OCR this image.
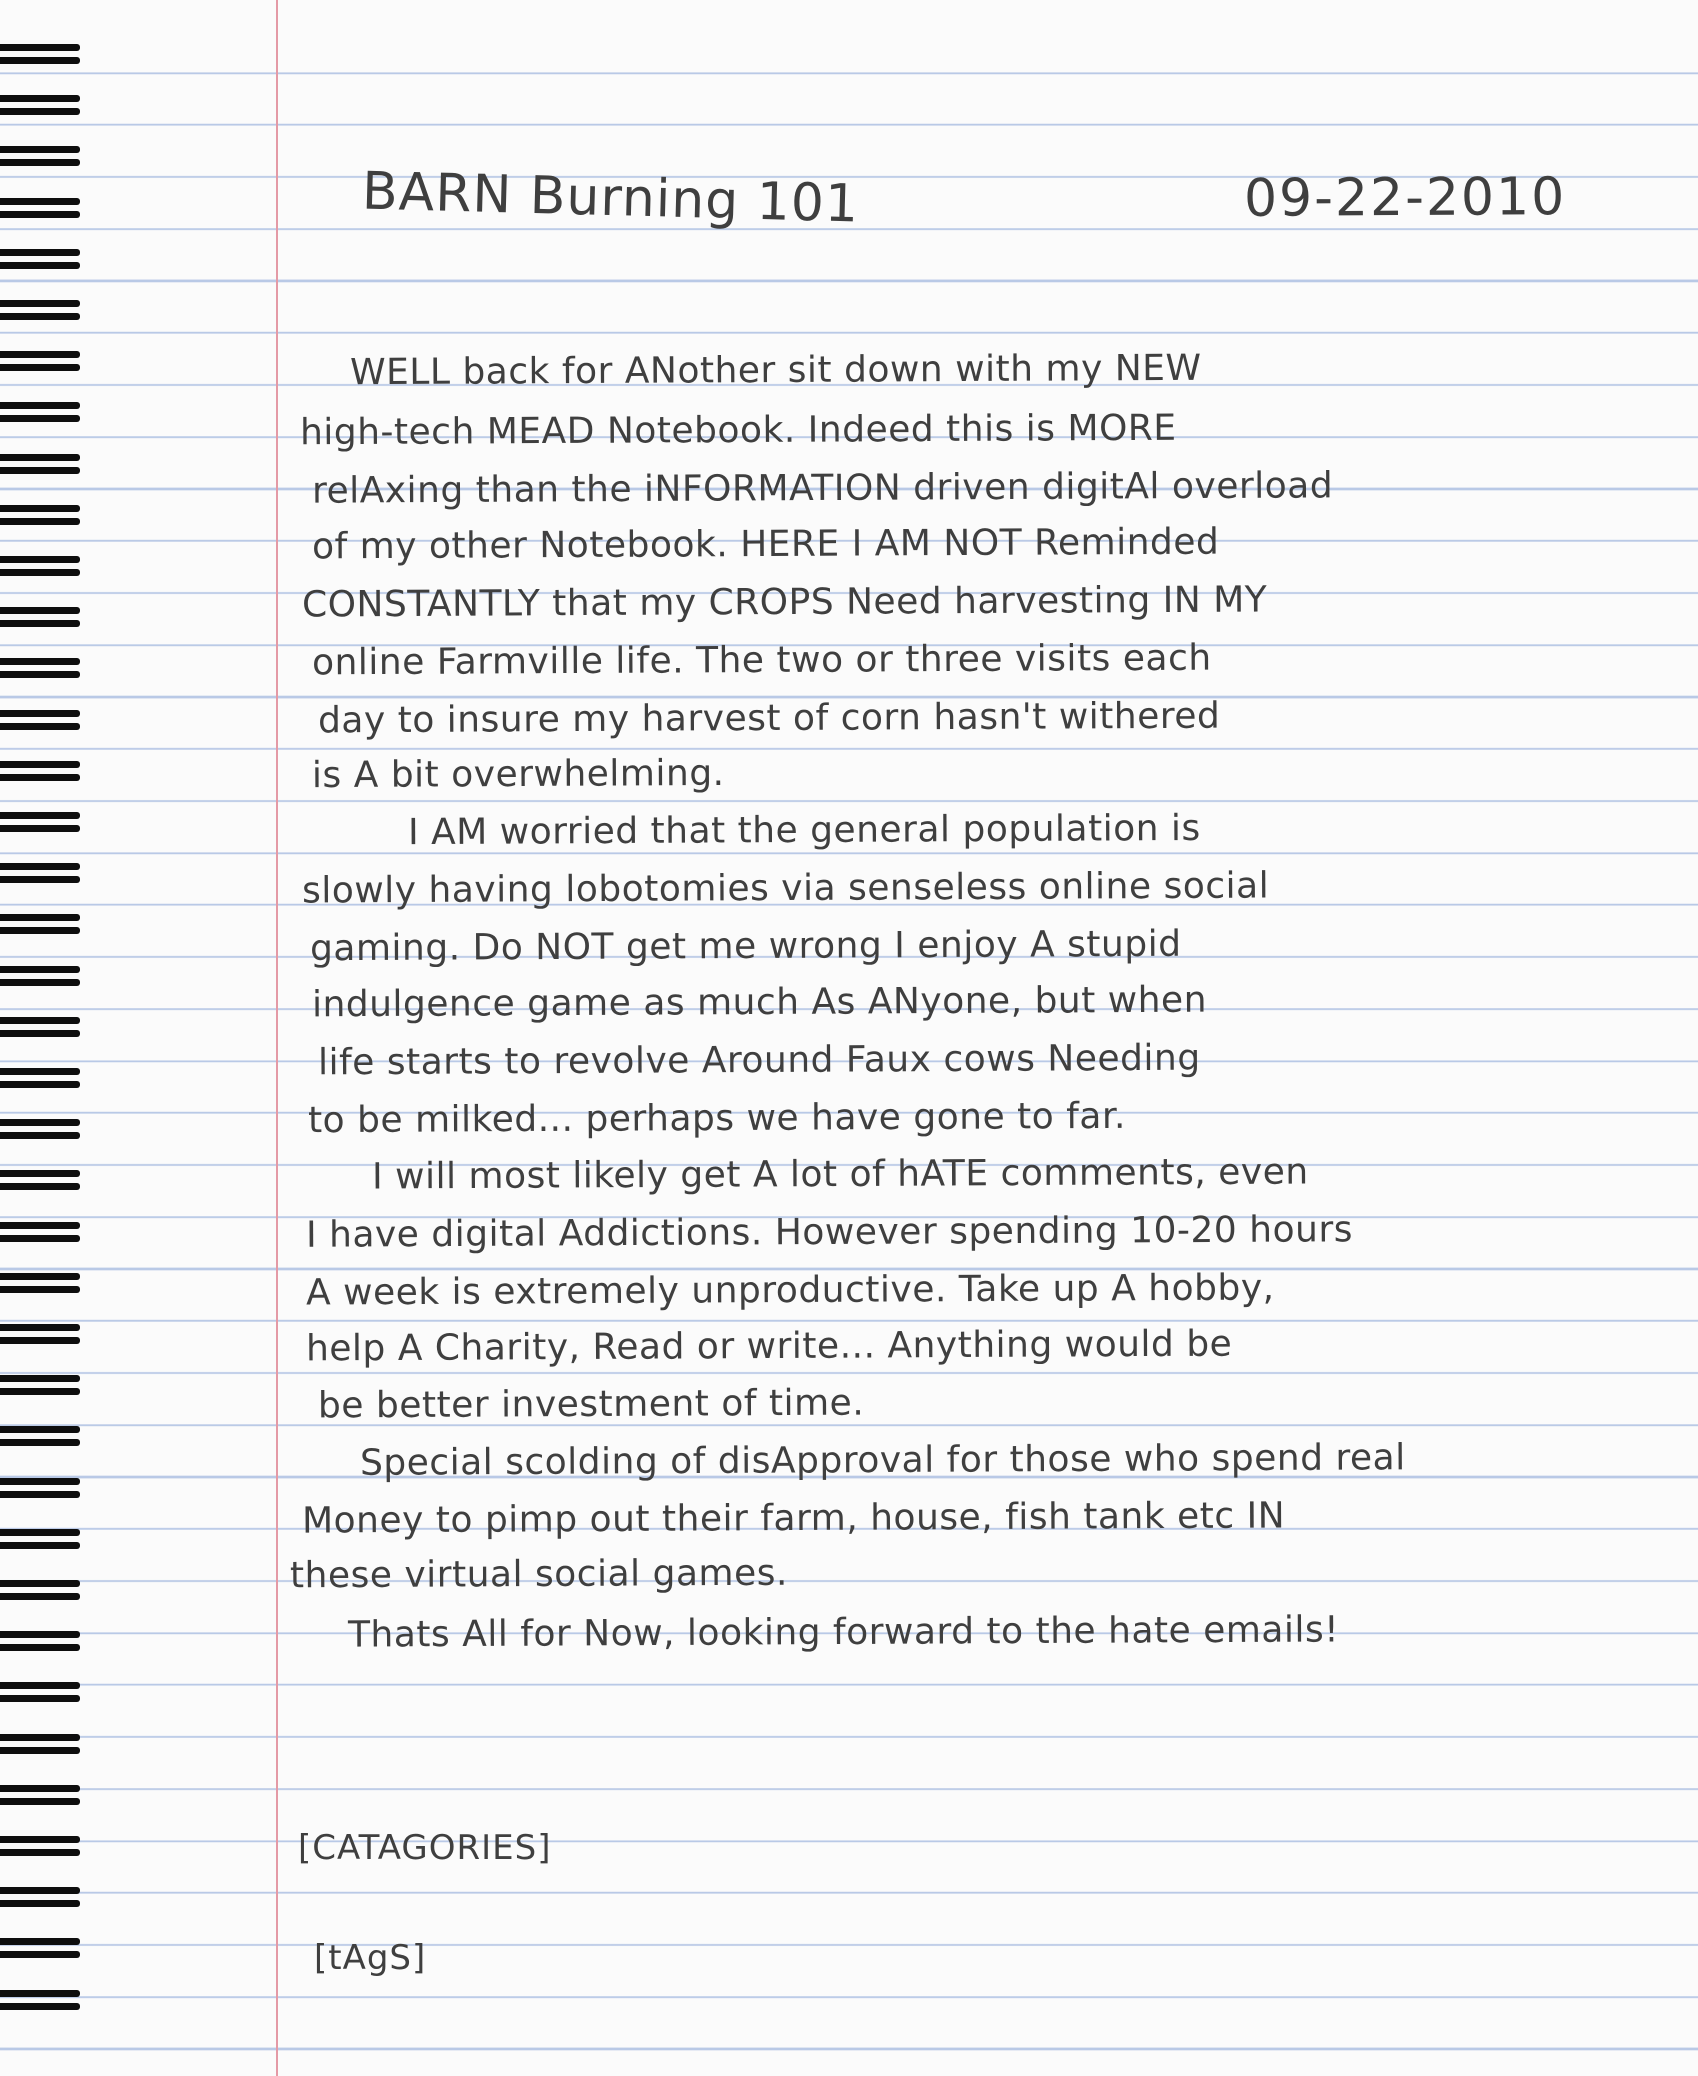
BARN Burning 101	09-22-2010
WELL back for ANother sit down with my NEW
high-tech MEAD Notebook. Indeed this is MORE
relAxing than the iNFORMATION driven digitAl overload
of my other Notebook. HERE I AM NOT Reminded
CONSTANTLY that my CROPS Need harvesting IN MY
online Farmville life. The two or three visits each
day to insure my harvest of corn hasn't withered
is A bit overwhelming.
I AM worried that the general population is
slowly having lobotomies via senseless online social
gaming. Do NOT get me wrong I enjoy A stupid
indulgence game as much As ANyone, but when
life starts to revolve Around Faux cows Needing
to be milked... perhaps we have gone to far.
I will most likely get A lot of hATE comments, even
I have digital Addictions. However spending 10-20 hours
A week is extremely unproductive. Take up A hobby,
help A Charity, Read or write... Anything would be
be better investment of time.
Special scolding of disApproval for those who spend real
Money to pimp out their farm, house, fish tank etc IN
these virtual social games.
Thats All for Now, looking forward to the hate emails!
[CATAGORIES]
[tAgS]
